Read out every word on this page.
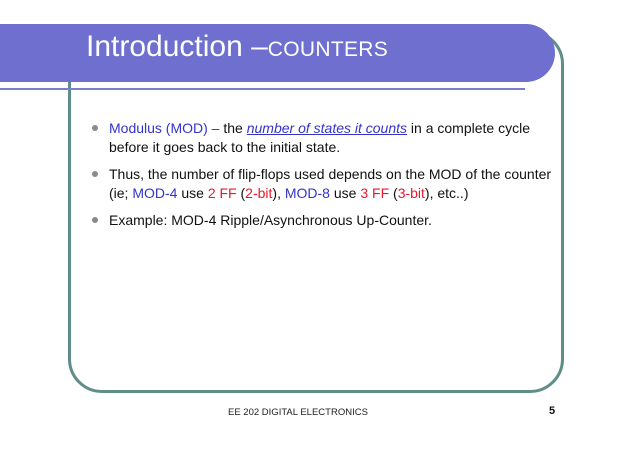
Introduction –COUNTERS
Modulus (MOD) – the number of states it counts in a complete cycle before it goes back to the initial state.
Thus, the number of flip-flops used depends on the MOD of the counter (ie; MOD-4 use 2 FF (2-bit), MOD-8 use 3 FF (3-bit), etc..)
Example: MOD-4 Ripple/Asynchronous Up-Counter.
EE 202 DIGITAL ELECTRONICS	5
